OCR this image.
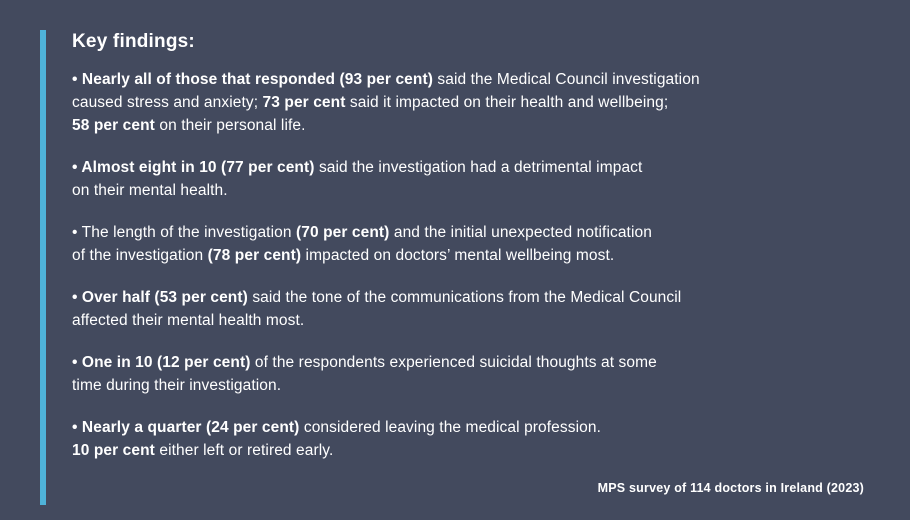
Key findings:
• Nearly all of those that responded (93 per cent) said the Medical Council investigation
caused stress and anxiety; 73 per cent said it impacted on their health and wellbeing;
58 per cent on their personal life.
• Almost eight in 10 (77 per cent) said the investigation had a detrimental impact
on their mental health.
• The length of the investigation (70 per cent) and the initial unexpected notification
of the investigation (78 per cent) impacted on doctors’ mental wellbeing most.
• Over half (53 per cent) said the tone of the communications from the Medical Council
affected their mental health most.
• One in 10 (12 per cent) of the respondents experienced suicidal thoughts at some
time during their investigation.
• Nearly a quarter (24 per cent) considered leaving the medical profession.
10 per cent either left or retired early.
MPS survey of 114 doctors in Ireland (2023)
